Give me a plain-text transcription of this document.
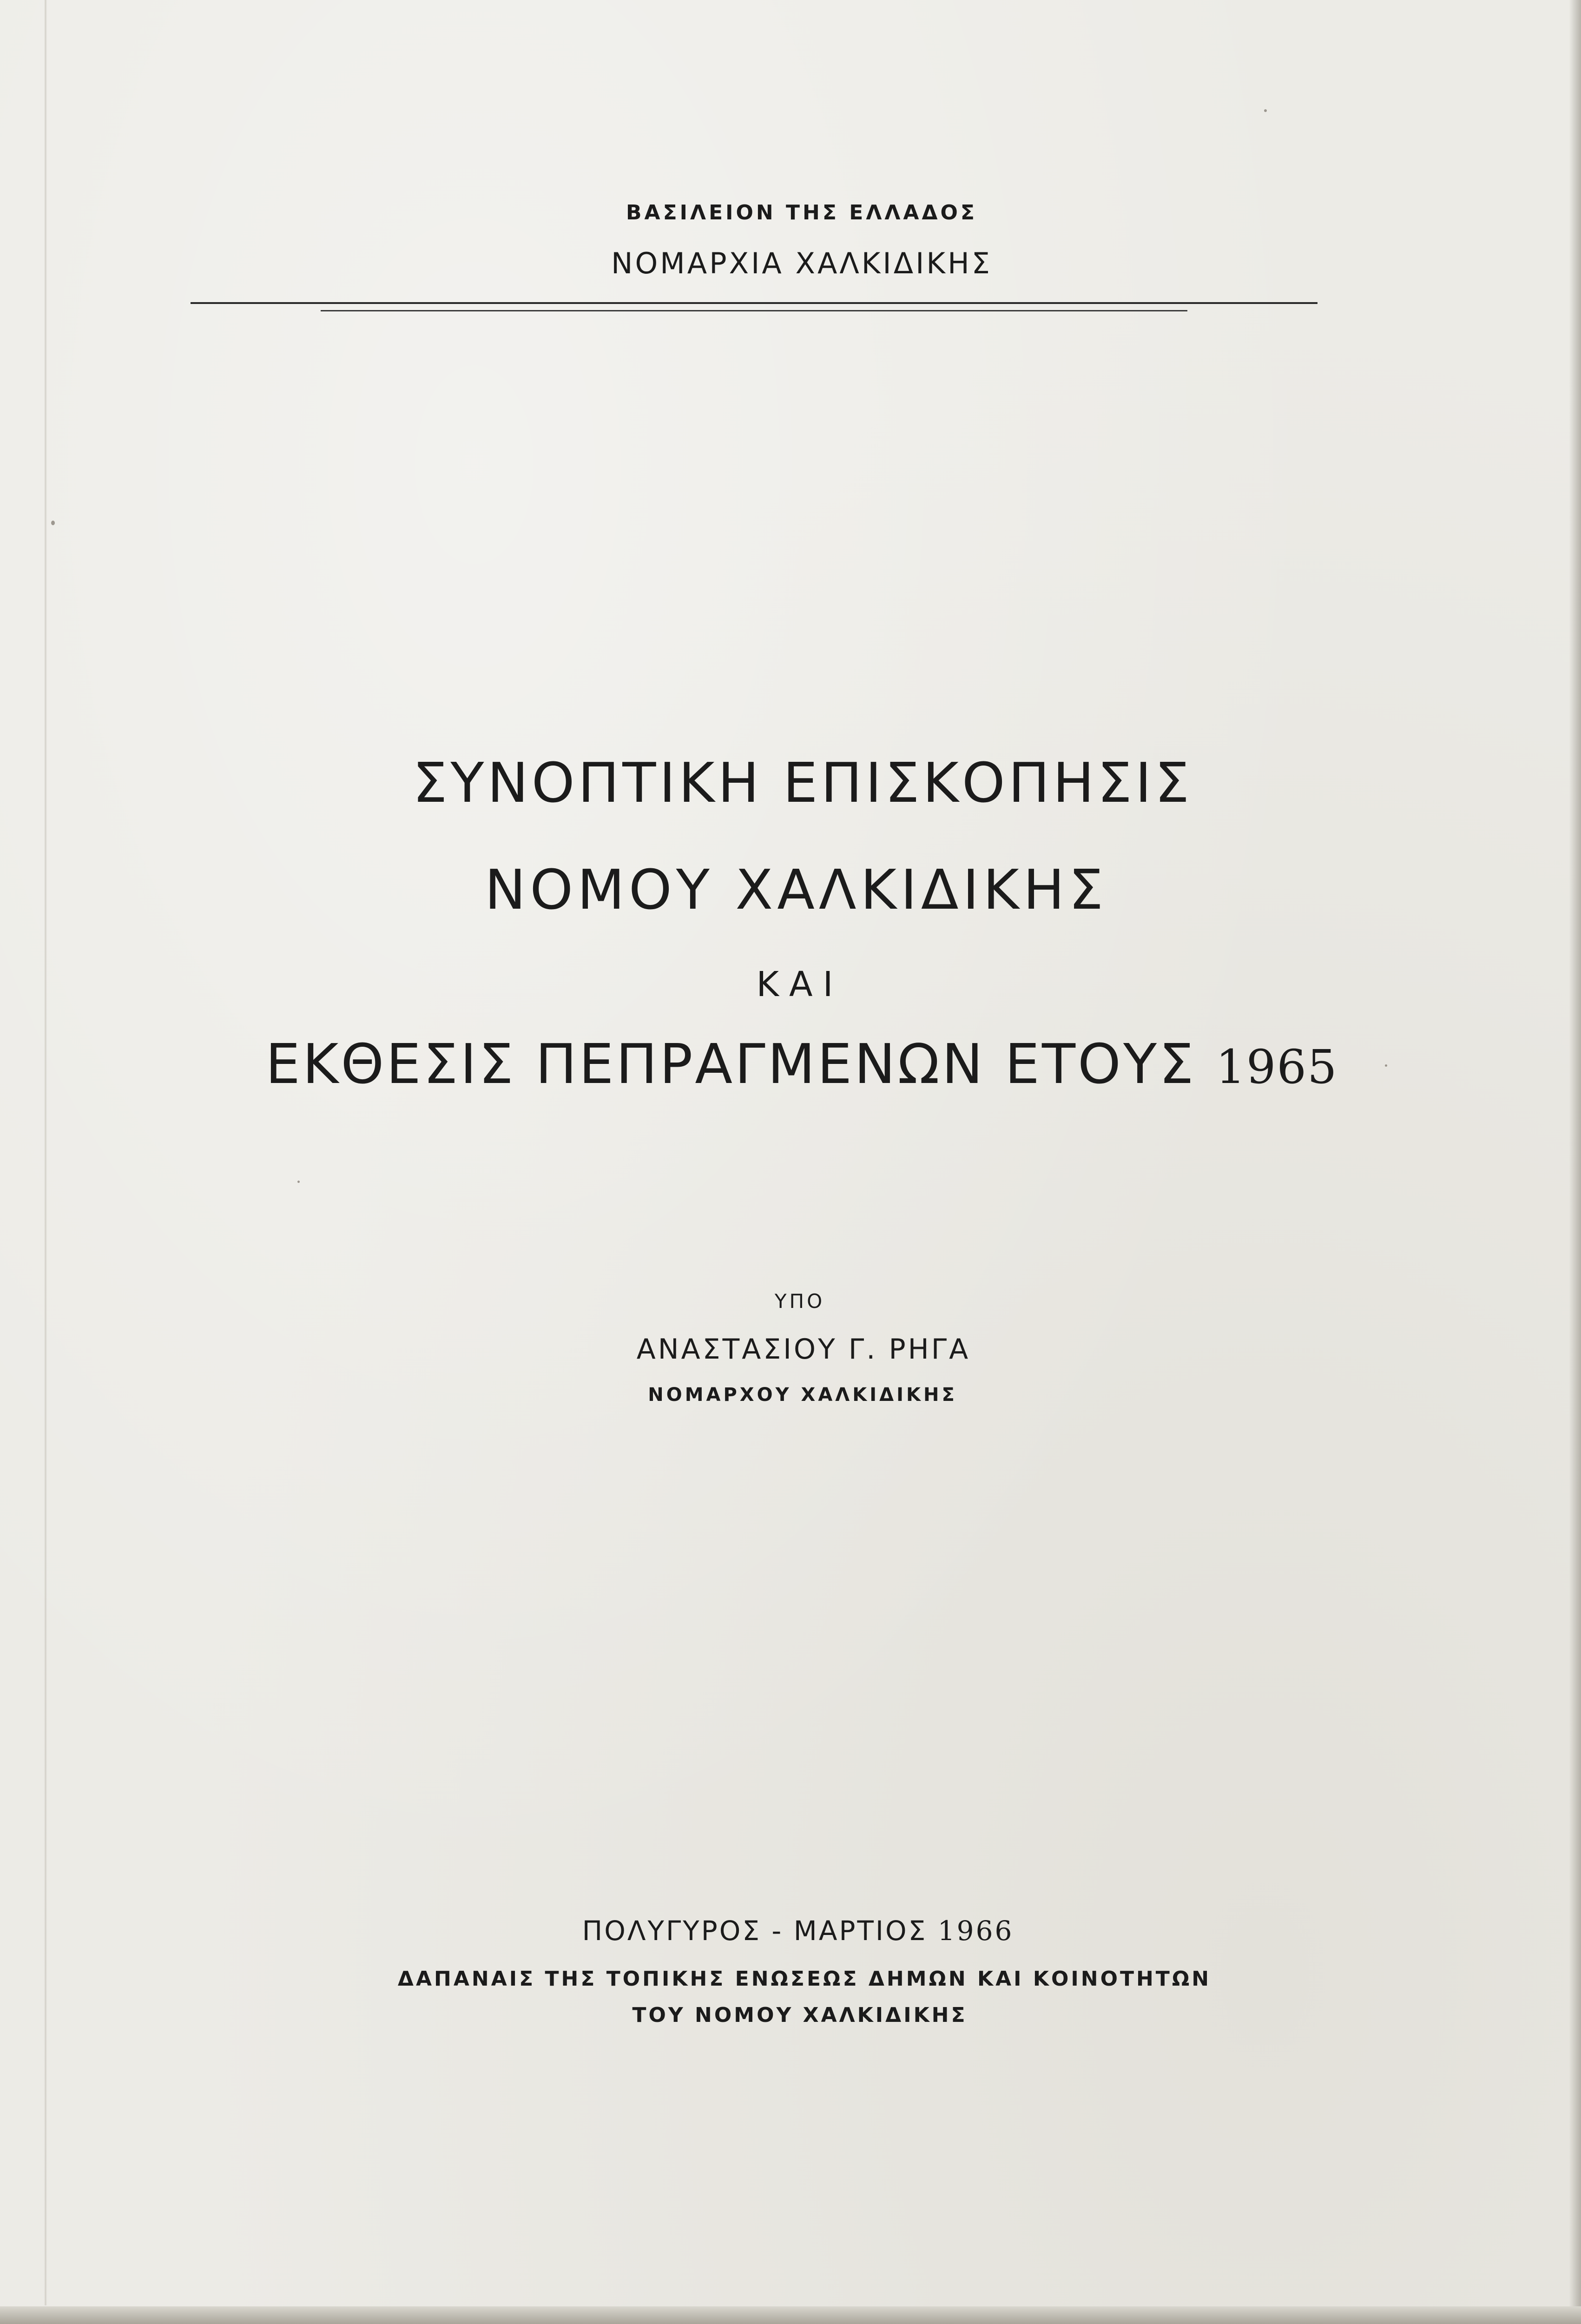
ΒΑΣΙΛΕΙΟΝ ΤΗΣ ΕΛΛΑΔΟΣ

ΝΟΜΑΡΧΙΑ ΧΑΛΚΙΔΙΚΗΣ

ΣΥΝΟΠΤΙΚΗ ΕΠΙΣΚΟΠΗΣΙΣ

ΝΟΜΟΥ ΧΑΛΚΙΔΙΚΗΣ

ΚΑΙ

ΕΚΘΕΣΙΣ ΠΕΠΡΑΓΜΕΝΩΝ ΕΤΟΥΣ 1965

ΥΠΟ

ΑΝΑΣΤΑΣΙΟΥ Γ. ΡΗΓΑ

ΝΟΜΑΡΧΟΥ ΧΑΛΚΙΔΙΚΗΣ

ΠΟΛΥΓΥΡΟΣ - ΜΑΡΤΙΟΣ 1966

ΔΑΠΑΝΑΙΣ ΤΗΣ ΤΟΠΙΚΗΣ ΕΝΩΣΕΩΣ ΔΗΜΩΝ ΚΑΙ ΚΟΙΝΟΤΗΤΩΝ

ΤΟΥ ΝΟΜΟΥ ΧΑΛΚΙΔΙΚΗΣ
